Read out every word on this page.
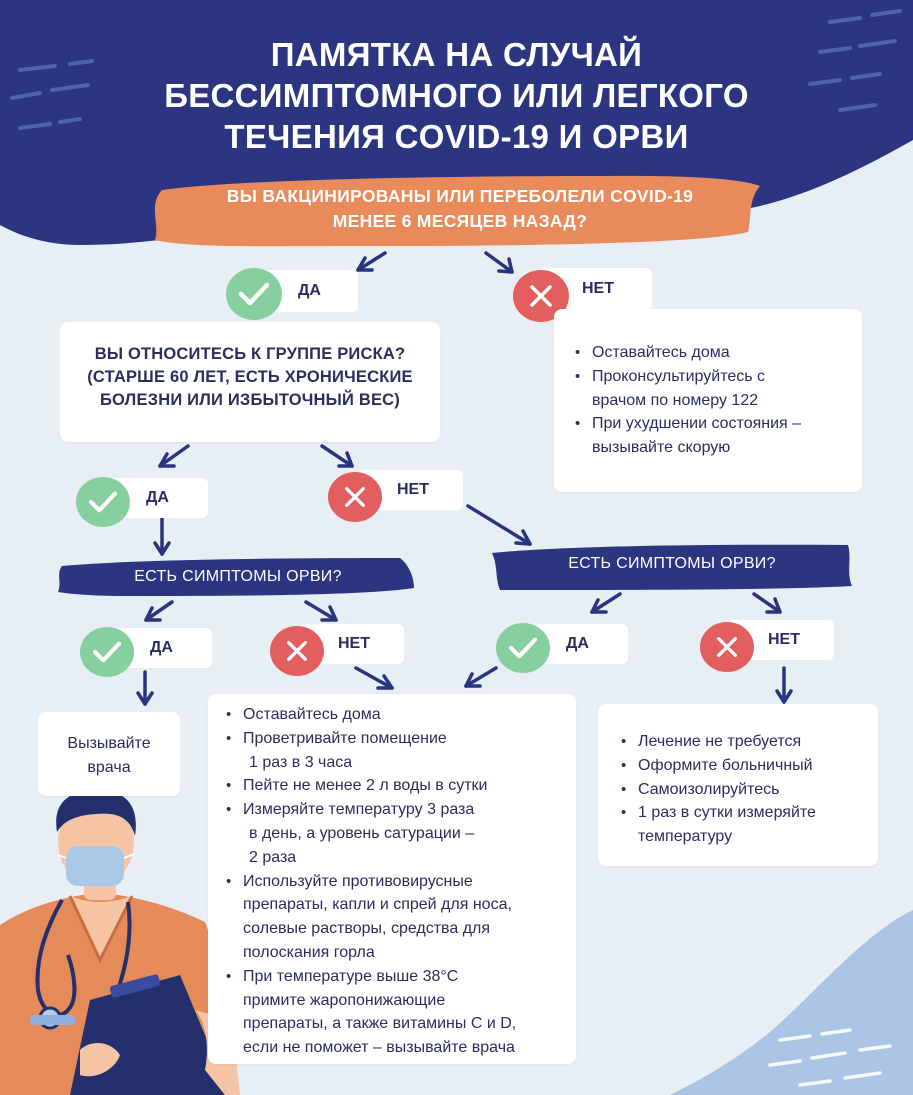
ПАМЯТКА НА СЛУЧАЙ
БЕССИМПТОМНОГО ИЛИ ЛЕГКОГО
ТЕЧЕНИЯ COVID-19 И ОРВИ
ВЫ ВАКЦИНИРОВАНЫ ИЛИ ПЕРЕБОЛЕЛИ COVID-19
МЕНЕЕ 6 МЕСЯЦЕВ НАЗАД?
ДА	НЕТ
• Оставайтесь дома
• Проконсультируйтесь с
врачом по номеру 122
• При ухудшении состояния –
вызывайте скорую
ВЫ ОТНОСИТЕСЬ К ГРУППЕ РИСКА?
(СТАРШЕ 60 ЛЕТ, ЕСТЬ ХРОНИЧЕСКИЕ
БОЛЕЗНИ ИЛИ ИЗБЫТОЧНЫЙ ВЕС)
ДА	НЕТ
ЕСТЬ СИМПТОМЫ ОРВИ?
ЕСТЬ СИМПТОМЫ ОРВИ?
ДА	НЕТ	ДА	НЕТ
Вызывайте
врача
• Оставайтесь дома
• Проветривайте помещение
1 раз в 3 часа
• Пейте не менее 2 л воды в сутки
• Измеряйте температуру 3 раза
в день, а уровень сатурации –
2 раза
• Используйте противовирусные
препараты, капли и спрей для носа,
солевые растворы, средства для
полоскания горла
• При температуре выше 38°С
примите жаропонижающие
препараты, а также витамины С и D,
если не поможет – вызывайте врача
• Лечение не требуется
• Оформите больничный
• Самоизолируйтесь
• 1 раз в сутки измеряйте
температуру
